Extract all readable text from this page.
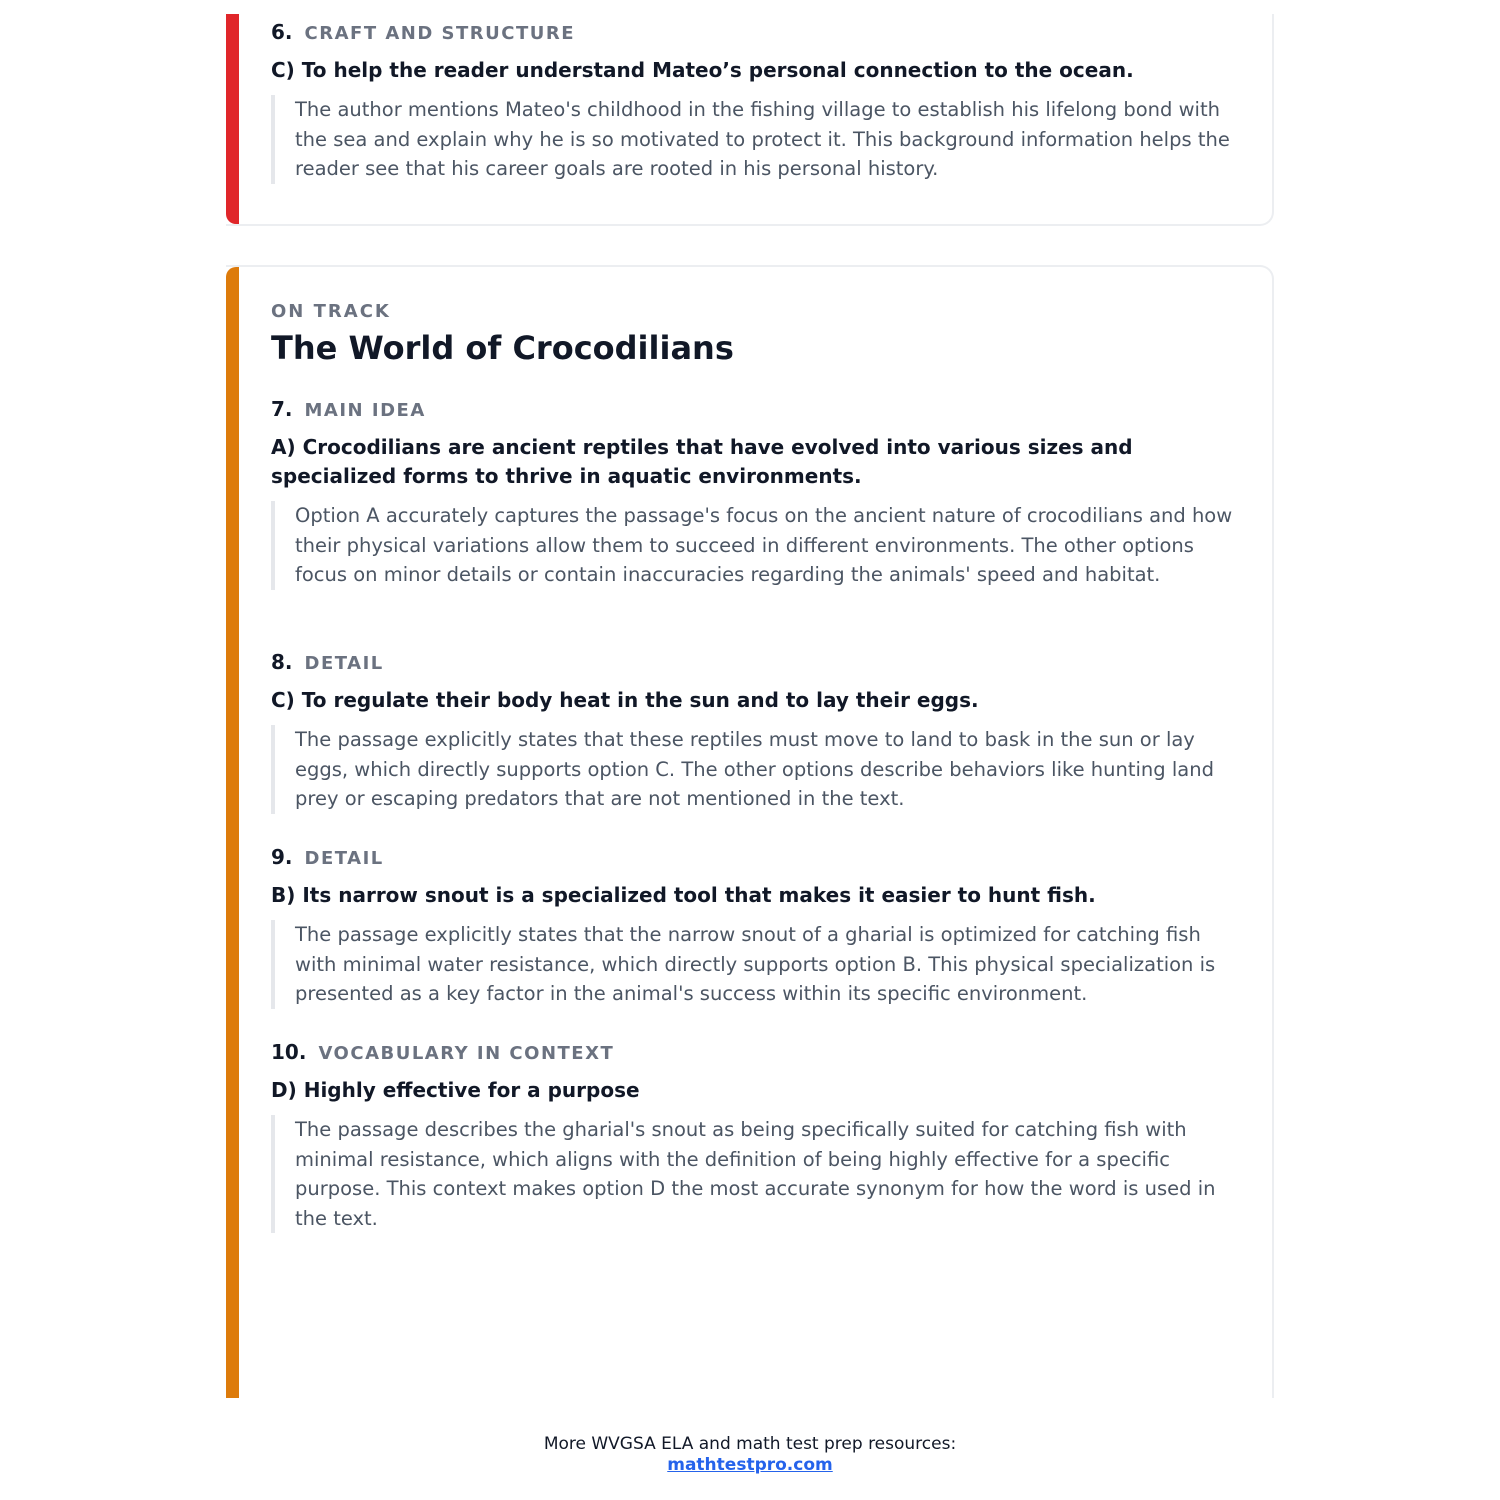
6. CRAFT AND STRUCTURE
C) To help the reader understand Mateo’s personal connection to the ocean.
The author mentions Mateo's childhood in the fishing village to establish his lifelong bond with the sea and explain why he is so motivated to protect it. This background information helps the reader see that his career goals are rooted in his personal history.
ON TRACK
The World of Crocodilians
7. MAIN IDEA
A) Crocodilians are ancient reptiles that have evolved into various sizes and specialized forms to thrive in aquatic environments.
Option A accurately captures the passage's focus on the ancient nature of crocodilians and how their physical variations allow them to succeed in different environments. The other options focus on minor details or contain inaccuracies regarding the animals' speed and habitat.
8. DETAIL
C) To regulate their body heat in the sun and to lay their eggs.
The passage explicitly states that these reptiles must move to land to bask in the sun or lay eggs, which directly supports option C. The other options describe behaviors like hunting land prey or escaping predators that are not mentioned in the text.
9. DETAIL
B) Its narrow snout is a specialized tool that makes it easier to hunt fish.
The passage explicitly states that the narrow snout of a gharial is optimized for catching fish with minimal water resistance, which directly supports option B. This physical specialization is presented as a key factor in the animal's success within its specific environment.
10. VOCABULARY IN CONTEXT
D) Highly effective for a purpose
The passage describes the gharial's snout as being specifically suited for catching fish with minimal resistance, which aligns with the definition of being highly effective for a specific purpose. This context makes option D the most accurate synonym for how the word is used in the text.
More WVGSA ELA and math test prep resources:
mathtestpro.com
